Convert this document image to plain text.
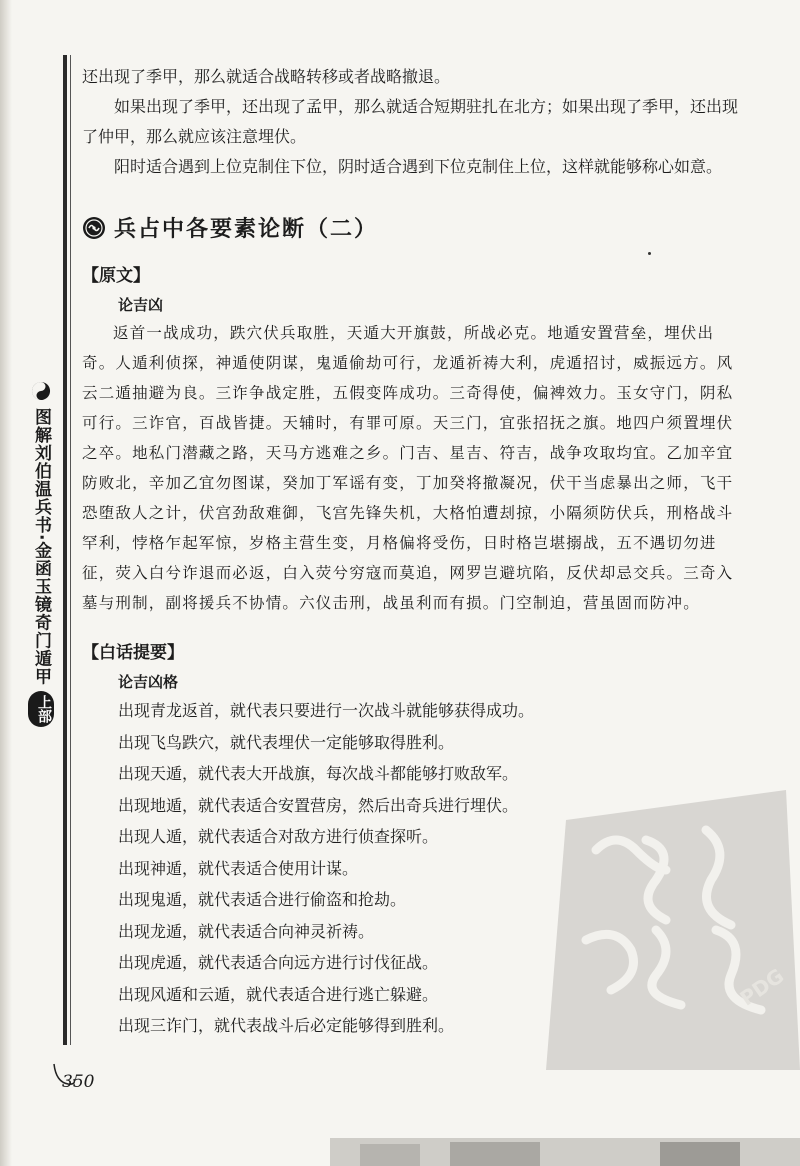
图解刘伯温兵书·金函玉镜奇门遁甲
上部

还出现了季甲，那么就适合战略转移或者战略撤退。

如果出现了季甲，还出现了孟甲，那么就适合短期驻扎在北方；如果出现了季甲，还出现了仲甲，那么就应该注意埋伏。

阳时适合遇到上位克制住下位，阴时适合遇到下位克制住上位，这样就能够称心如意。

兵占中各要素论断（二）
【原文】
论吉凶

返首一战成功，跌穴伏兵取胜，天遁大开旗鼓，所战必克。地遁安置营垒，埋伏出奇。人遁利侦探，神遁使阴谋，鬼遁偷劫可行，龙遁祈祷大利，虎遁招讨，威振远方。风云二遁抽避为良。三诈争战定胜，五假变阵成功。三奇得使，偏裨效力。玉女守门，阴私可行。三诈官，百战皆捷。天辅时，有罪可原。天三门，宜张招抚之旗。地四户须置埋伏之卒。地私门潜藏之路，天马方逃难之乡。门吉、星吉、符吉，战争攻取均宜。乙加辛宜防败北，辛加乙宜勿图谋，癸加丁军谣有变，丁加癸将撤凝况，伏干当虑暴出之师，飞干恐堕敌人之计，伏宫劲敌难御，飞宫先锋失机，大格怕遭刦掠，小隔须防伏兵，刑格战斗罕利，悖格乍起军惊，岁格主营生变，月格偏将受伤，日时格岂堪搦战，五不遇切勿进征，荧入白兮诈退而必返，白入荧兮穷寇而莫追，网罗岂避坑陷，反伏却忌交兵。三奇入墓与刑制，副将援兵不协情。六仪击刑，战虽利而有损。门空制迫，营虽固而防冲。

【白话提要】
论吉凶格

出现青龙返首，就代表只要进行一次战斗就能够获得成功。

出现飞鸟跌穴，就代表埋伏一定能够取得胜利。

出现天遁，就代表大开战旗，每次战斗都能够打败敌军。

出现地遁，就代表适合安置营房，然后出奇兵进行埋伏。

出现人遁，就代表适合对敌方进行侦查探听。

出现神遁，就代表适合使用计谋。

出现鬼遁，就代表适合进行偷盗和抢劫。

出现龙遁，就代表适合向神灵祈祷。

出现虎遁，就代表适合向远方进行讨伐征战。

出现风遁和云遁，就代表适合进行逃亡躲避。

出现三诈门，就代表战斗后必定能够得到胜利。

PDG
350
